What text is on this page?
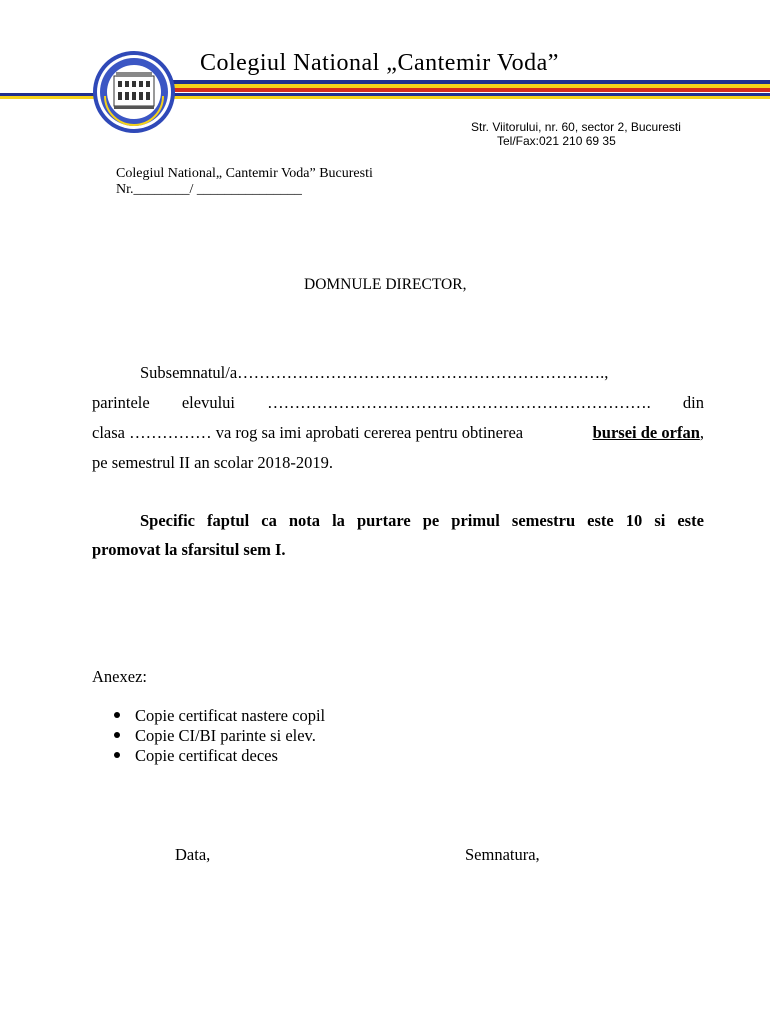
Colegiul National „Cantemir Voda”
Str. Viitorului, nr. 60, sector 2, Bucuresti
Tel/Fax:021 210 69 35
Colegiul National„ Cantemir Voda” Bucuresti
Nr.________/ _______________
DOMNULE DIRECTOR,
Subsemnatul/a………………………………………………………….,
parintele elevului ……………………………………………………………. din
clasa …………… va rog sa imi aprobati cererea pentru obtinerea	bursei de orfan,
pe semestrul II an scolar 2018-2019.
Specific faptul ca nota la purtare pe primul semestru este 10 si este
promovat la sfarsitul sem I.
Anexez:
Copie certificat nastere copil
Copie CI/BI parinte si elev.
Copie certificat deces
Data,	Semnatura,
